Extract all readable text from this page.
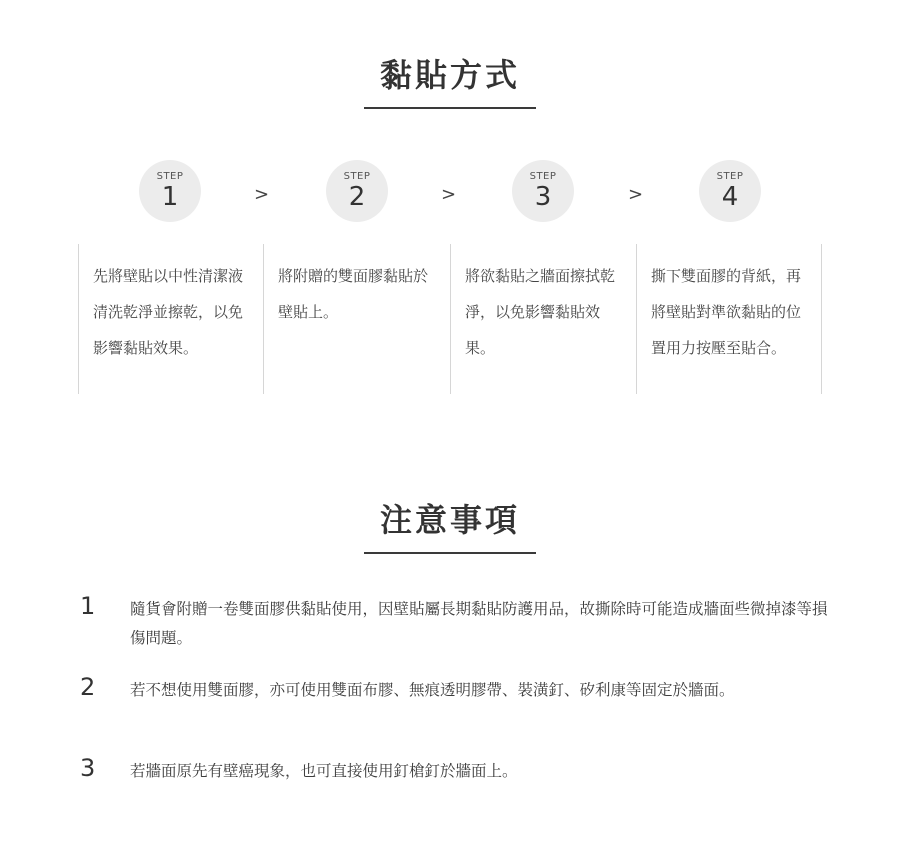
黏貼方式
STEP
1	>
STEP
2	>
STEP
3	>
STEP
4
先將壁貼以中性清潔液清洗乾淨並擦乾，以免影響黏貼效果。
將附贈的雙面膠黏貼於壁貼上。
將欲黏貼之牆面擦拭乾淨，以免影響黏貼效果。
撕下雙面膠的背紙，再將壁貼對準欲黏貼的位置用力按壓至貼合。
注意事項
1 隨貨會附贈一卷雙面膠供黏貼使用，因壁貼屬長期黏貼防護用品，故撕除時可能造成牆面些微掉漆等損傷問題。
2 若不想使用雙面膠，亦可使用雙面布膠、無痕透明膠帶、裝潢釘、矽利康等固定於牆面。
3 若牆面原先有壁癌現象，也可直接使用釘槍釘於牆面上。
